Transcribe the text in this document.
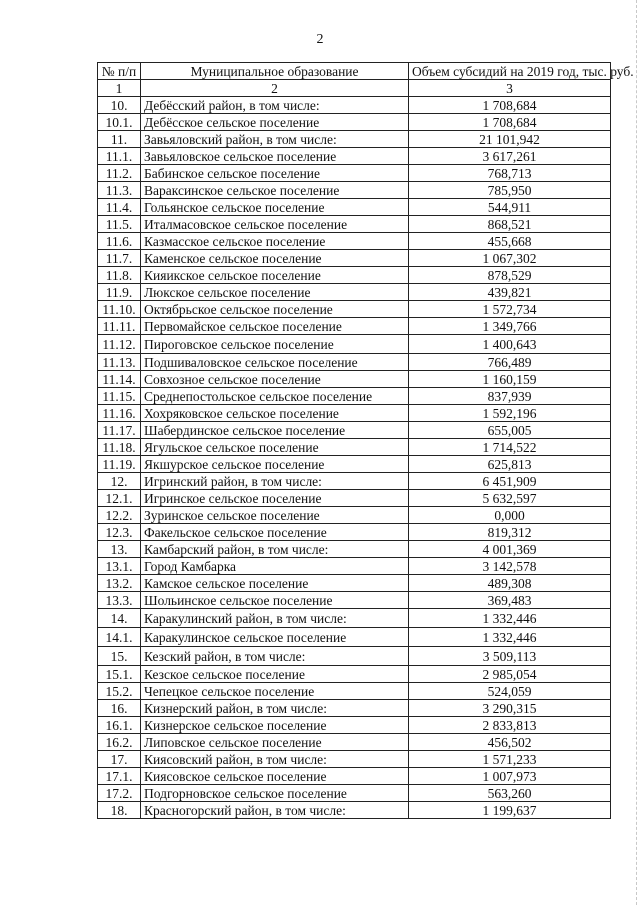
2
№ п/п	Муниципальное образование	Объем субсидий на 2019 год, тыс. руб.
1	2	3
10.	Дебёсский район, в том числе:	1 708,684
10.1.	Дебёсское сельское поселение	1 708,684
11.	Завьяловский район, в том числе:	21 101,942
11.1.	Завьяловское сельское поселение	3 617,261
11.2.	Бабинское сельское поселение	768,713
11.3.	Вараксинское сельское поселение	785,950
11.4.	Гольянское сельское поселение	544,911
11.5.	Италмасовское сельское поселение	868,521
11.6.	Казмасское сельское поселение	455,668
11.7.	Каменское сельское поселение	1 067,302
11.8.	Кияикское сельское поселение	878,529
11.9.	Люкское сельское поселение	439,821
11.10.	Октябрьское сельское поселение	1 572,734
11.11.	Первомайское сельское поселение	1 349,766
11.12.	Пироговское сельское поселение	1 400,643
11.13.	Подшиваловское сельское поселение	766,489
11.14.	Совхозное сельское поселение	1 160,159
11.15.	Среднепостольское сельское поселение	837,939
11.16.	Хохряковское сельское поселение	1 592,196
11.17.	Шабердинское сельское поселение	655,005
11.18.	Ягульское сельское поселение	1 714,522
11.19.	Якшурское сельское поселение	625,813
12.	Игринский район, в том числе:	6 451,909
12.1.	Игринское сельское поселение	5 632,597
12.2.	Зуринское сельское поселение	0,000
12.3.	Факельское сельское поселение	819,312
13.	Камбарский район, в том числе:	4 001,369
13.1.	Город Камбарка	3 142,578
13.2.	Камское сельское поселение	489,308
13.3.	Шольинское сельское поселение	369,483
14.	Каракулинский район, в том числе:	1 332,446
14.1.	Каракулинское сельское поселение	1 332,446
15.	Кезский район, в том числе:	3 509,113
15.1.	Кезское сельское поселение	2 985,054
15.2.	Чепецкое сельское поселение	524,059
16.	Кизнерский район, в том числе:	3 290,315
16.1.	Кизнерское сельское поселение	2 833,813
16.2.	Липовское сельское поселение	456,502
17.	Киясовский район, в том числе:	1 571,233
17.1.	Киясовское сельское поселение	1 007,973
17.2.	Подгорновское сельское поселение	563,260
18.	Красногорский район, в том числе:	1 199,637
